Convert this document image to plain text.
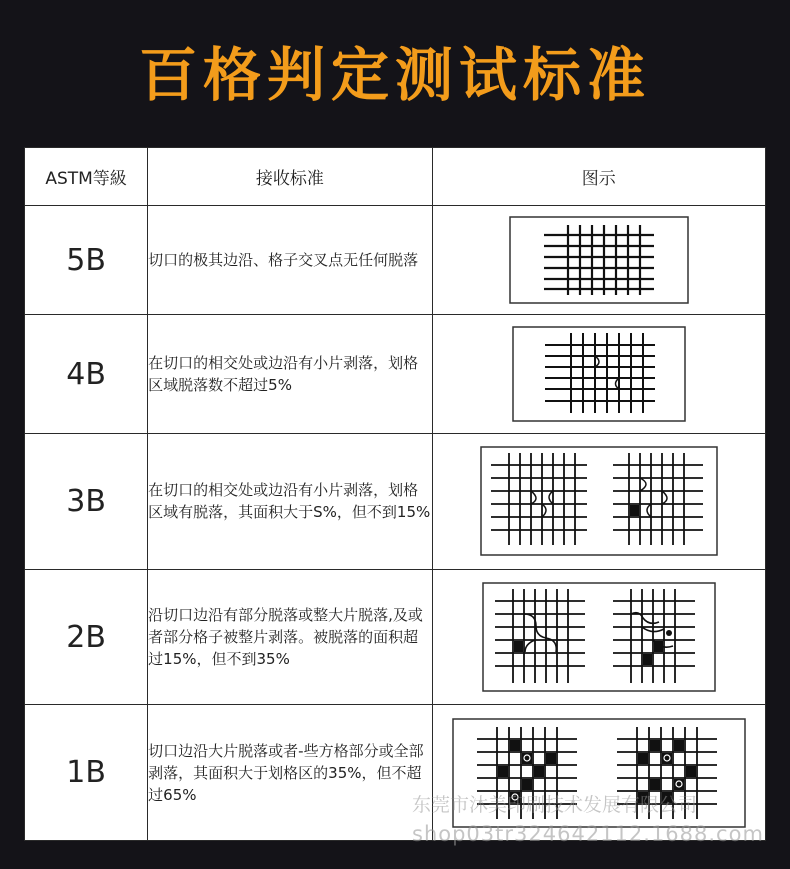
百格判定测试标准
ASTM等級	接收标准	图示
5B	切口的极其边沿、格子交叉点无任何脱落	

4B	在切口的相交处或边沿有小片剥落，划格区域脱落数不超过5%	

3B	在切口的相交处或边沿有小片剥落，划格区域有脱落，其面积大于S%，但不到15%	

2B	沿切口边沿有部分脱落或整大片脱落,及或者部分格子被整片剥落。被脱落的面积超过15%，但不到35%	

1B	切口边沿大片脱落或者-些方格部分或全部剥落，其面积大于划格区的35%，但不超过65%		东莞市沐美印刷技术发展有限公司
shop03tr324642112.1688.com
